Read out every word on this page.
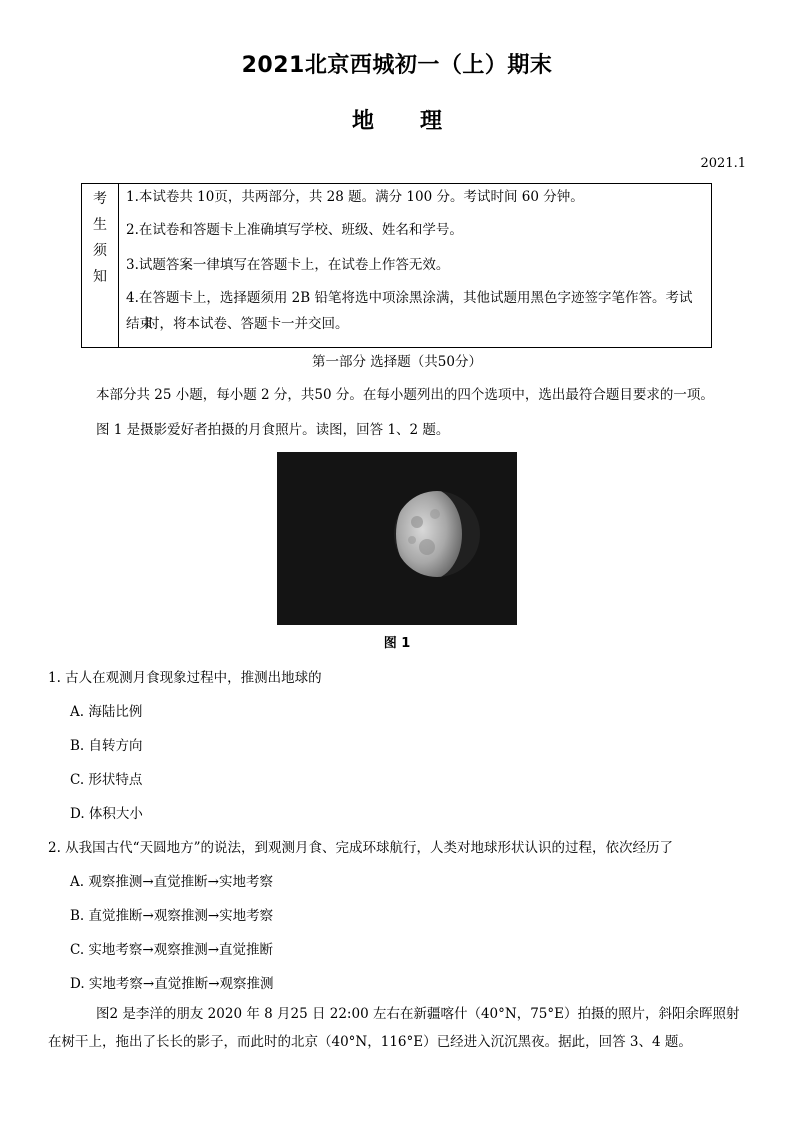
2021北京西城初一（上）期末
地 理
2021.1
考
生
须
知
1.本试卷共 10页，共两部分，共 28 题。满分 100 分。考试时间 60 分钟。
2.在试卷和答题卡上准确填写学校、班级、姓名和学号。
3.试题答案一律填写在答题卡上，在试卷上作答无效。
4.在答题卡上，选择题须用 2B 铅笔将选中项涂黑涂满，其他试题用黑色字迹签字笔作答。考试结束
时，将本试卷、答题卡一并交回。
第一部分 选择题（共50分）
本部分共 25 小题，每小题 2 分，共50 分。在每小题列出的四个选项中，选出最符合题目要求的一项。
图 1 是摄影爱好者拍摄的月食照片。读图，回答 1、2 题。
图 1
1. 古人在观测月食现象过程中，推测出地球的
A. 海陆比例
B. 自转方向
C. 形状特点
D. 体积大小
2. 从我国古代“天圆地方”的说法，到观测月食、完成环球航行，人类对地球形状认识的过程，依次经历了
A. 观察推测→直觉推断→实地考察
B. 直觉推断→观察推测→实地考察
C. 实地考察→观察推测→直觉推断
D. 实地考察→直觉推断→观察推测
图2 是李洋的朋友 2020 年 8 月25 日 22:00 左右在新疆喀什（40°N，75°E）拍摄的照片，斜阳余晖照射在树干上，拖出了长长的影子，而此时的北京（40°N，116°E）已经进入沉沉黑夜。据此，回答 3、4 题。
